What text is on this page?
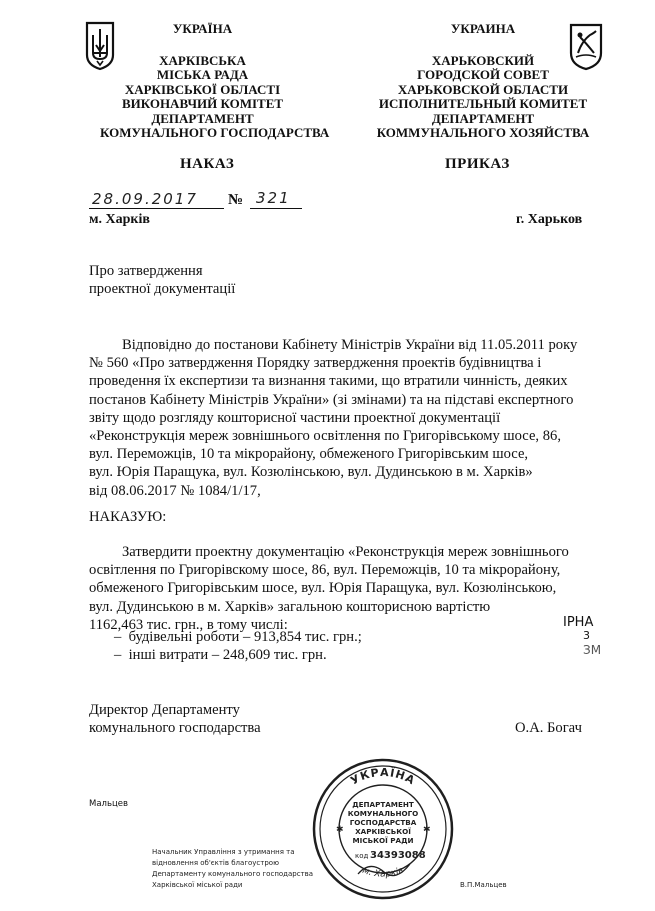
УКРАЇНА
ХАРКІВСЬКА
МІСЬКА РАДА
ХАРКІВСЬКОЇ ОБЛАСТІ
ВИКОНАВЧИЙ КОМІТЕТ
ДЕПАРТАМЕНТ
КОМУНАЛЬНОГО ГОСПОДАРСТВА
НАКАЗ
УКРАИНА
ХАРЬКОВСКИЙ
ГОРОДСКОЙ СОВЕТ
ХАРЬКОВСКОЙ ОБЛАСТИ
ИСПОЛНИТЕЛЬНЫЙ КОМИТЕТ
ДЕПАРТАМЕНТ
КОММУНАЛЬНОГО ХОЗЯЙСТВА
ПРИКАЗ
28.09.2017 № 321
м. Харків	г. Харьков
Про затвердження
проектної документації
Відповідно до постанови Кабінету Міністрів України від 11.05.2011 року
№ 560 «Про затвердження Порядку затвердження проектів будівництва і
проведення їх експертизи та визнання такими, що втратили чинність, деяких
постанов Кабінету Міністрів України» (зі змінами) та на підставі експертного
звіту щодо розгляду кошторисної частини проектної документації
«Реконструкція мереж зовнішнього освітлення по Григорівському шосе, 86,
вул. Переможців, 10 та мікрорайону, обмеженого Григорівським шосе,
вул. Юрія Паращука, вул. Козюлінською, вул. Дудинською в м. Харків»
від 08.06.2017 № 1084/1/17,
НАКАЗУЮ:
Затвердити проектну документацію «Реконструкція мереж зовнішнього
освітлення по Григорівскому шосе, 86, вул. Переможців, 10 та мікрорайону,
обмеженого Григорівським шосе, вул. Юрія Паращука, вул. Козюлінською,
вул. Дудинською в м. Харків» загальною кошторисною вартістю
1162,463 тис. грн., в тому числі:
– будівельні роботи – 913,854 тис. грн.;
– інші витрати – 248,609 тис. грн.
ІРНА
3
ЗМ
Директор Департаменту
комунального господарства	О.А. Богач
Мальцев
Начальник Управління з утримання та
відновлення об'єктів благоустрою
Департаменту комунального господарства
Харківської міської ради	В.П.Мальцев
УКРАЇНА
м. Харків
✱	✱
ДЕПАРТАМЕНТ
КОМУНАЛЬНОГО
ГОСПОДАРСТВА
ХАРКІВСЬКОЇ
МІСЬКОЇ РАДИ
код 34393088
